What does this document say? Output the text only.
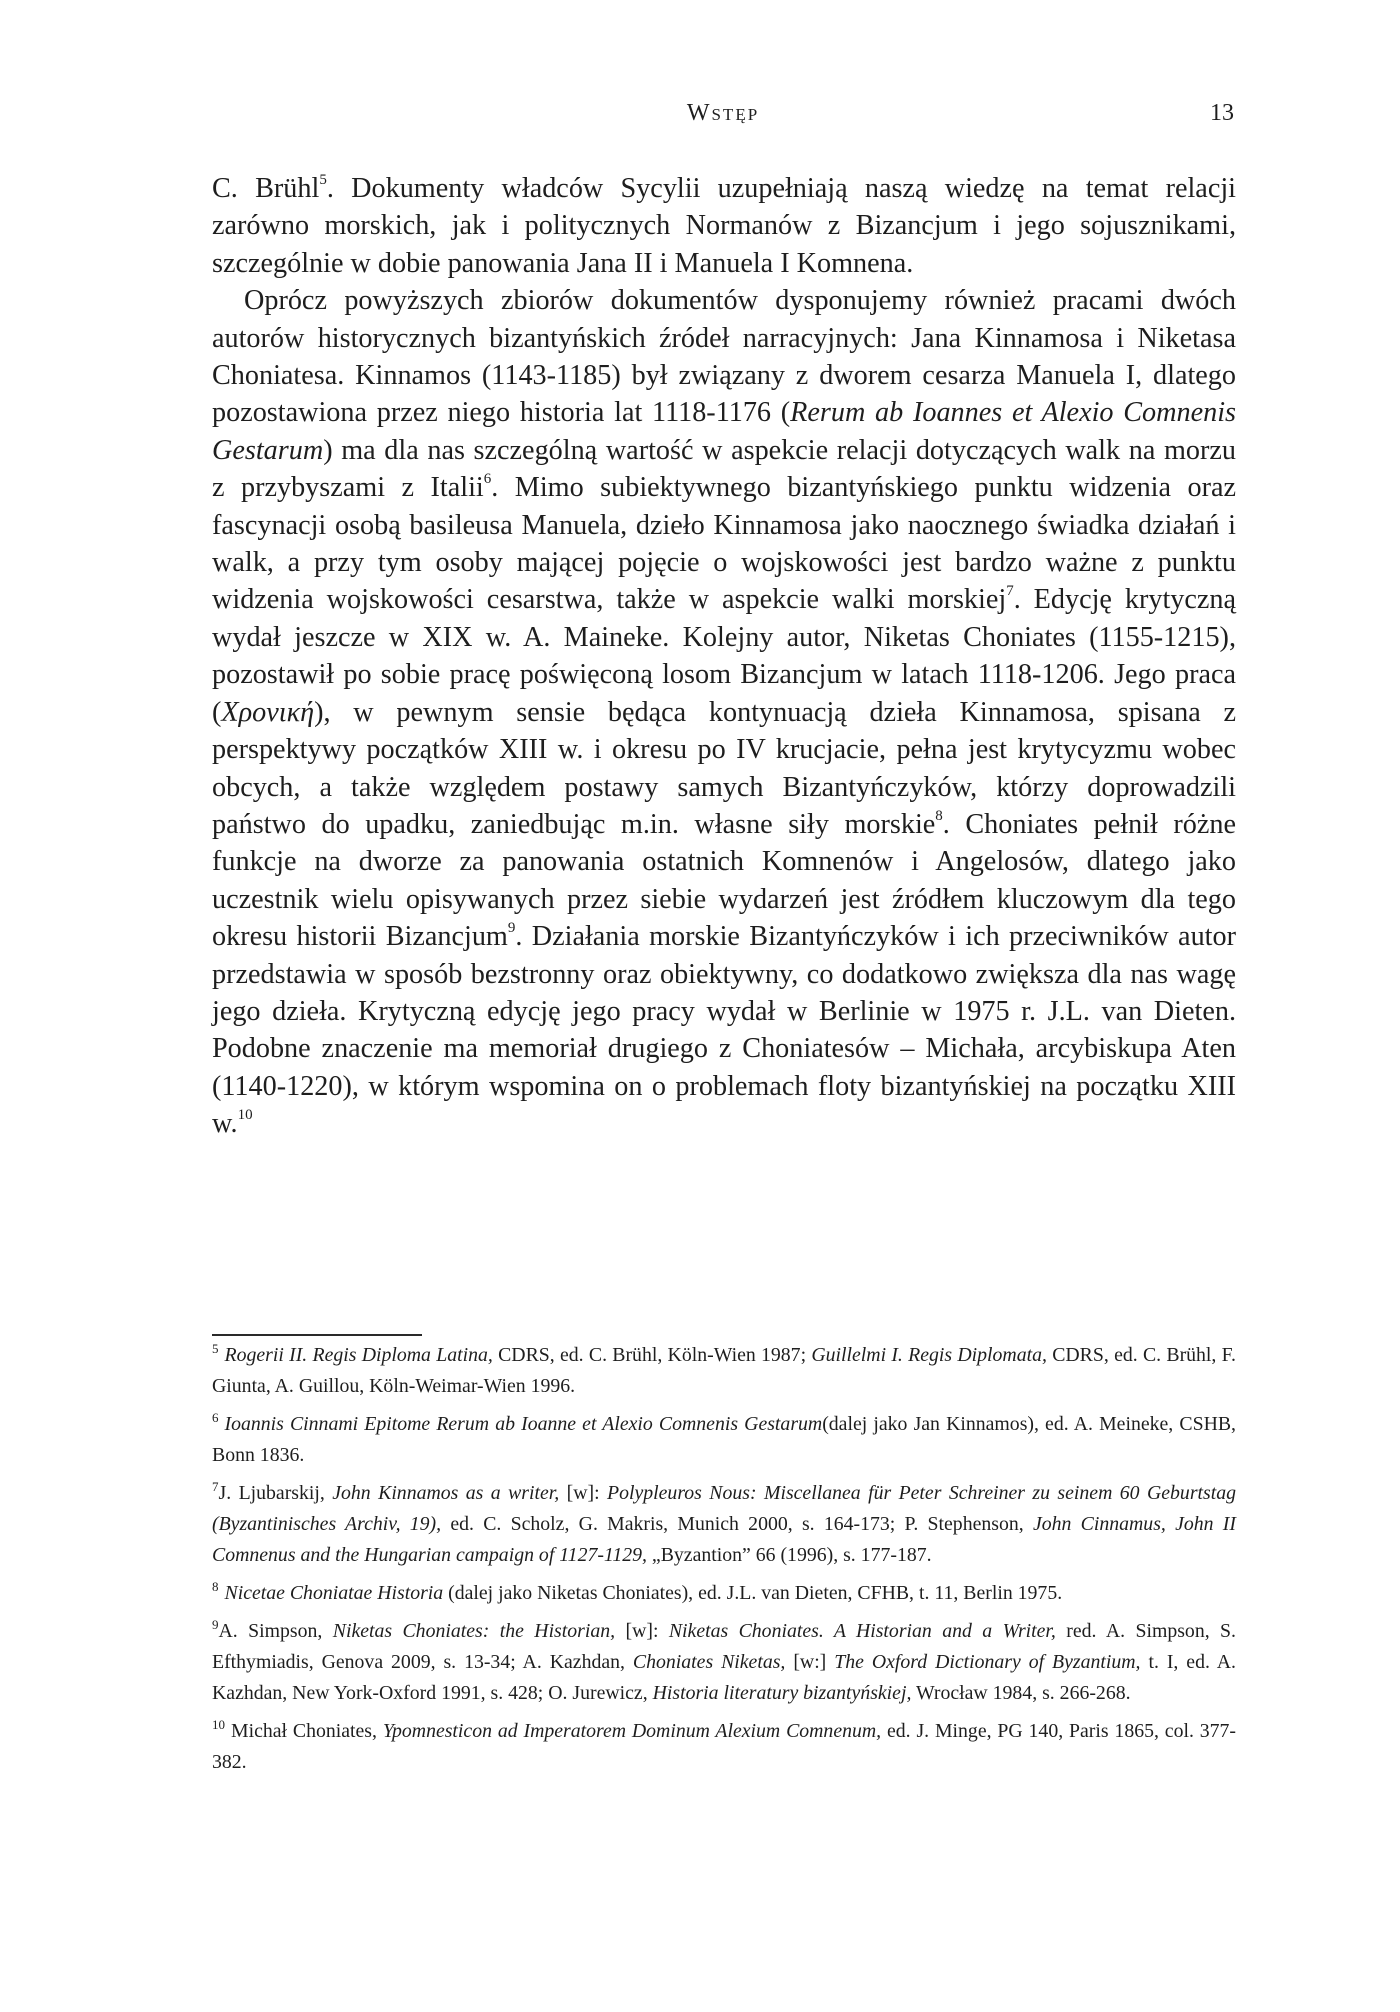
Wstęp	13

C. Brühl$^5$. Dokumenty władców Sycylii uzupełniają naszą wiedzę na temat relacji zarówno morskich, jak i politycznych Normanów z Bizancjum i jego sojusznikami, szczególnie w dobie panowania Jana II i Manuela I Komnena.

Oprócz powyższych zbiorów dokumentów dysponujemy również pracami dwóch autorów historycznych bizantyńskich źródeł narracyjnych: Jana Kinnamosa i Niketasa Choniatesa. Kinnamos (1143-1185) był związany z dworem cesarza Manuela I, dlatego pozostawiona przez niego historia lat 1118-1176 (Rerum ab Ioannes et Alexio Comnenis Gestarum) ma dla nas szczególną wartość w aspekcie relacji dotyczących walk na morzu z przybyszami z Italii$^6$. Mimo subiektywnego bizantyńskiego punktu widzenia oraz fascynacji osobą basileusa Manuela, dzieło Kinnamosa jako naocznego świadka działań i walk, a przy tym osoby mającej pojęcie o wojskowości jest bardzo ważne z punktu widzenia wojskowości cesarstwa, także w aspekcie walki morskiej$^7$. Edycję krytyczną wydał jeszcze w XIX w. A. Maineke. Kolejny autor, Niketas Choniates (1155-1215), pozostawił po sobie pracę poświęconą losom Bizancjum w latach 1118-1206. Jego praca (Χρονική), w pewnym sensie będąca kontynuacją dzieła Kinnamosa, spisana z perspektywy początków XIII w. i okresu po IV krucjacie, pełna jest krytycyzmu wobec obcych, a także względem postawy samych Bizantyńczyków, którzy doprowadzili państwo do upadku, zaniedbując m.in. własne siły morskie$^8$. Choniates pełnił różne funkcje na dworze za panowania ostatnich Komnenów i Angelosów, dlatego jako uczestnik wielu opisywanych przez siebie wydarzeń jest źródłem kluczowym dla tego okresu historii Bizancjum$^9$. Działania morskie Bizantyńczyków i ich przeciwników autor przedstawia w sposób bezstronny oraz obiektywny, co dodatkowo zwiększa dla nas wagę jego dzieła. Krytyczną edycję jego pracy wydał w Berlinie w 1975 r. J.L. van Dieten. Podobne znaczenie ma memoriał drugiego z Choniatesów – Michała, arcybiskupa Aten (1140-1220), w którym wspomina on o problemach floty bizantyńskiej na początku XIII w.$^{10}$

$^5$ Rogerii II. Regis Diploma Latina, CDRS, ed. C. Brühl, Köln-Wien 1987; Guillelmi I. Regis Diplomata, CDRS, ed. C. Brühl, F. Giunta, A. Guillou, Köln-Weimar-Wien 1996.

$^6$ Ioannis Cinnami Epitome Rerum ab Ioanne et Alexio Comnenis Gestarum(dalej jako Jan Kinnamos), ed. A. Meineke, CSHB, Bonn 1836.

$^7$J. Ljubarskij, John Kinnamos as a writer, [w]: Polypleuros Nous: Miscellanea für Peter Schreiner zu seinem 60 Geburtstag (Byzantinisches Archiv, 19), ed. C. Scholz, G. Makris, Munich 2000, s. 164-173; P. Stephenson, John Cinnamus, John II Comnenus and the Hungarian campaign of 1127-1129, „Byzantion” 66 (1996), s. 177-187.

$^8$ Nicetae Choniatae Historia (dalej jako Niketas Choniates), ed. J.L. van Dieten, CFHB, t. 11, Berlin 1975.

$^9$A. Simpson, Niketas Choniates: the Historian, [w]: Niketas Choniates. A Historian and a Writer, red. A. Simpson, S. Efthymiadis, Genova 2009, s. 13-34; A. Kazhdan, Choniates Niketas, [w:] The Oxford Dictionary of Byzantium, t. I, ed. A. Kazhdan, New York-Oxford 1991, s. 428; O. Jurewicz, Historia literatury bizantyńskiej, Wrocław 1984, s. 266-268.

$^{10}$ Michał Choniates, Ypomnesticon ad Imperatorem Dominum Alexium Comnenum, ed. J. Minge, PG 140, Paris 1865, col. 377-382.
